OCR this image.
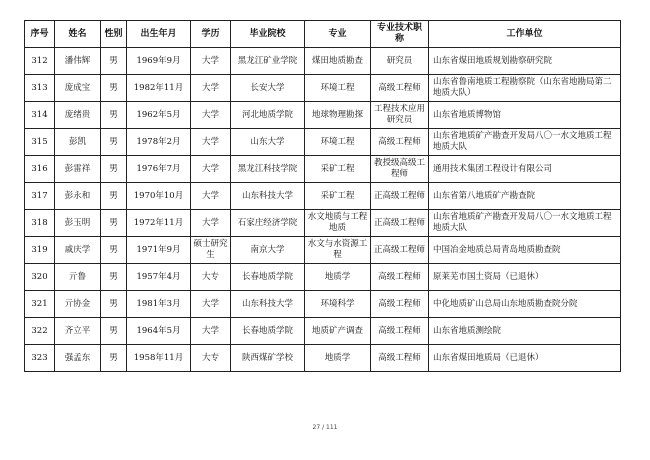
序号	姓名	性别	出生年月	学历	毕业院校	专业	专业技术职称	工作单位
312	潘伟辉	男	1969年9月	大学	黑龙江矿业学院	煤田地质勘查	研究员	山东省煤田地质规划勘察研究院
313	庞成宝	男	1982年11月	大学	长安大学	环境工程	高级工程师	山东省鲁南地质工程勘察院（山东省地勘局第二地质大队）
314	庞绪贵	男	1962年5月	大学	河北地质学院	地球物理勘探	工程技术应用研究员	山东省地质博物馆
315	彭凯	男	1978年2月	大学	山东大学	环境工程	高级工程师	山东省地质矿产勘查开发局八〇一水文地质工程地质大队
316	彭雷祥	男	1976年7月	大学	黑龙江科技学院	采矿工程	教授级高级工程师	通用技术集团工程设计有限公司
317	彭永和	男	1970年10月	大学	山东科技大学	采矿工程	正高级工程师	山东省第八地质矿产勘查院
318	彭玉明	男	1972年11月	大学	石家庄经济学院	水文地质与工程地质	正高级工程师	山东省地质矿产勘查开发局八〇一水文地质工程地质大队
319	戚庆学	男	1971年9月	硕士研究生	南京大学	水文与水资源工程	正高级工程师	中国冶金地质总局青岛地质勘查院
320	亓鲁	男	1957年4月	大专	长春地质学院	地质学	高级工程师	原莱芜市国土资局（已退休）
321	亓协金	男	1981年3月	大学	山东科技大学	环境科学	高级工程师	中化地质矿山总局山东地质勘查院分院
322	齐立平	男	1964年5月	大学	长春地质学院	地质矿产调查	高级工程师	山东省地质测绘院
323	强孟东	男	1958年11月	大专	陕西煤矿学校	地质学	高级工程师	山东省煤田地质局（已退休）
27 / 111
